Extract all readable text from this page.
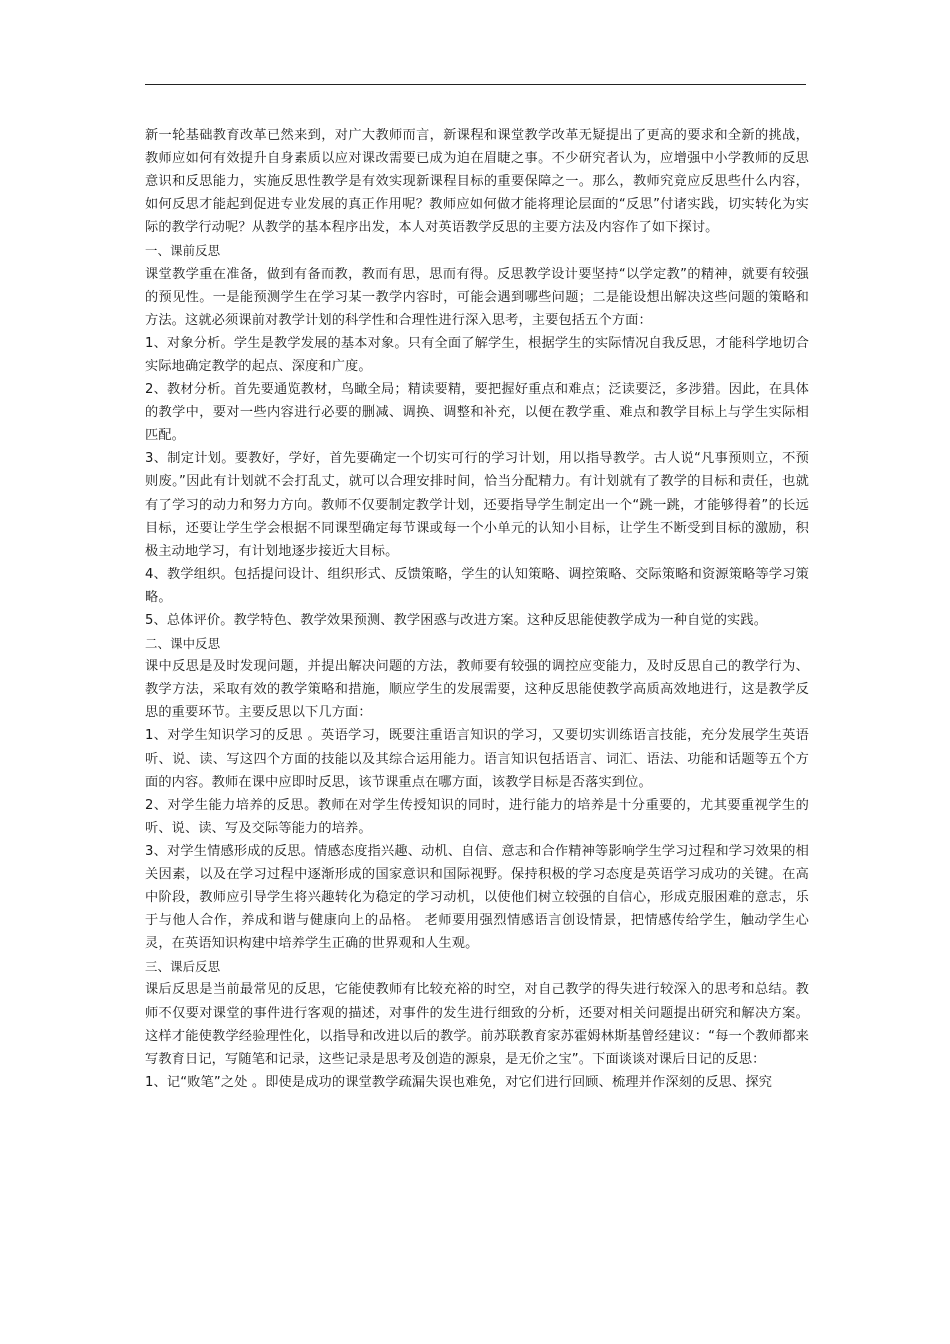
新一轮基础教育改革已然来到，对广大教师而言，新课程和课堂教学改革无疑提出了更高的要求和全新的挑战，教师应如何有效提升自身素质以应对课改需要已成为迫在眉睫之事。不少研究者认为，应增强中小学教师的反思意识和反思能力，实施反思性教学是有效实现新课程目标的重要保障之一。那么，教师究竟应反思些什么内容，如何反思才能起到促进专业发展的真正作用呢？教师应如何做才能将理论层面的“反思”付诸实践，切实转化为实际的教学行动呢？从教学的基本程序出发，本人对英语教学反思的主要方法及内容作了如下探讨。

一、课前反思

课堂教学重在准备，做到有备而教，教而有思，思而有得。反思教学设计要坚持“以学定教”的精神，就要有较强的预见性。一是能预测学生在学习某一教学内容时，可能会遇到哪些问题；二是能设想出解决这些问题的策略和方法。这就必须课前对教学计划的科学性和合理性进行深入思考，主要包括五个方面：

1、对象分析。学生是教学发展的基本对象。只有全面了解学生，根据学生的实际情况自我反思，才能科学地切合实际地确定教学的起点、深度和广度。

2、教材分析。首先要通览教材，鸟瞰全局；精读要精，要把握好重点和难点；泛读要泛，多涉猎。因此，在具体的教学中，要对一些内容进行必要的删减、调换、调整和补充，以便在教学重、难点和教学目标上与学生实际相匹配。

3、制定计划。要教好，学好，首先要确定一个切实可行的学习计划，用以指导教学。古人说“凡事预则立，不预则废。”因此有计划就不会打乱丈，就可以合理安排时间，恰当分配精力。有计划就有了教学的目标和责任，也就有了学习的动力和努力方向。教师不仅要制定教学计划，还要指导学生制定出一个“跳一跳，才能够得着”的长远目标，还要让学生学会根据不同课型确定每节课或每一个小单元的认知小目标，让学生不断受到目标的激励，积极主动地学习，有计划地逐步接近大目标。

4、教学组织。包括提问设计、组织形式、反馈策略，学生的认知策略、调控策略、交际策略和资源策略等学习策略。

5、总体评价。教学特色、教学效果预测、教学困惑与改进方案。这种反思能使教学成为一种自觉的实践。

二、课中反思

课中反思是及时发现问题，并提出解决问题的方法，教师要有较强的调控应变能力，及时反思自己的教学行为、教学方法，采取有效的教学策略和措施，顺应学生的发展需要，这种反思能使教学高质高效地进行，这是教学反思的重要环节。主要反思以下几方面：

1、对学生知识学习的反思 。英语学习，既要注重语言知识的学习，又要切实训练语言技能，充分发展学生英语听、说、读、写这四个方面的技能以及其综合运用能力。语言知识包括语言、词汇、语法、功能和话题等五个方面的内容。教师在课中应即时反思，该节课重点在哪方面，该教学目标是否落实到位。

2、对学生能力培养的反思。教师在对学生传授知识的同时，进行能力的培养是十分重要的，尤其要重视学生的听、说、读、写及交际等能力的培养。

3、对学生情感形成的反思。情感态度指兴趣、动机、自信、意志和合作精神等影响学生学习过程和学习效果的相关因素，以及在学习过程中逐渐形成的国家意识和国际视野。保持积极的学习态度是英语学习成功的关键。在高中阶段，教师应引导学生将兴趣转化为稳定的学习动机，以使他们树立较强的自信心，形成克服困难的意志，乐于与他人合作，养成和谐与健康向上的品格。 老师要用强烈情感语言创设情景，把情感传给学生，触动学生心灵，在英语知识构建中培养学生正确的世界观和人生观。

三、课后反思

课后反思是当前最常见的反思，它能使教师有比较充裕的时空，对自己教学的得失进行较深入的思考和总结。教师不仅要对课堂的事件进行客观的描述，对事件的发生进行细致的分析，还要对相关问题提出研究和解决方案。这样才能使教学经验理性化，以指导和改进以后的教学。前苏联教育家苏霍姆林斯基曾经建议：“每一个教师都来写教育日记，写随笔和记录，这些记录是思考及创造的源泉，是无价之宝”。下面谈谈对课后日记的反思：

1、记“败笔”之处 。即使是成功的课堂教学疏漏失误也难免，对它们进行回顾、梳理并作深刻的反思、探究
